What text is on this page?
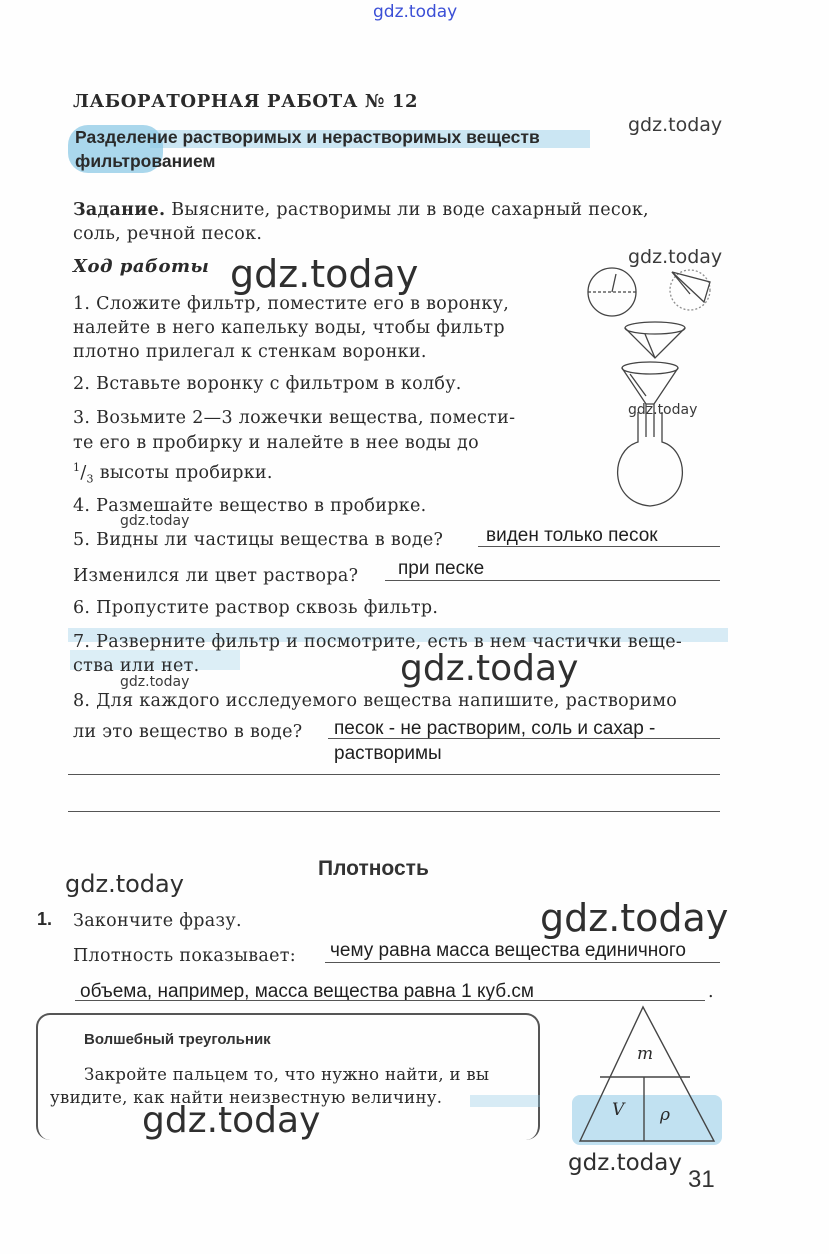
gdz.today
ЛАБОРАТОРНАЯ РАБОТА № 12
Разделение растворимых и нерастворимых веществ
фильтрованием
gdz.today
Задание. Выясните, растворимы ли в воде сахарный песок,
соль, речной песок.
Ход работы gdz.today	gdz.today
1. Сложите фильтр, поместите его в воронку,
налейте в него капельку воды, чтобы фильтр
плотно прилегал к стенкам воронки.
2. Вставьте воронку с фильтром в колбу.
3. Возьмите 2—3 ложечки вещества, помести-
те его в пробирку и налейте в нее воды до
$^1/_3$ высоты пробирки.
gdz.today
4. Размешайте вещество в пробирке.
gdz.today
5. Видны ли частицы вещества в воде? виден только песок
Изменился ли цвет раствора? при песке
6. Пропустите раствор сквозь фильтр.
7. Разверните фильтр и посмотрите, есть в нем частички веще-
ства или нет.	gdz.today
gdz.today
8. Для каждого исследуемого вещества напишите, растворимо
ли это вещество в воде? песок - не растворим, соль и сахар -
растворимы
Плотность
gdz.today
1. Закончите фразу.	gdz.today
Плотность показывает: чему равна масса вещества единичного
объема, например, масса вещества равна 1 куб.см	.
Волшебный треугольник
Закройте пальцем то, что нужно найти, и вы
увидите, как найти неизвестную величину.
gdz.today
m
V ρ
gdz.today
31
